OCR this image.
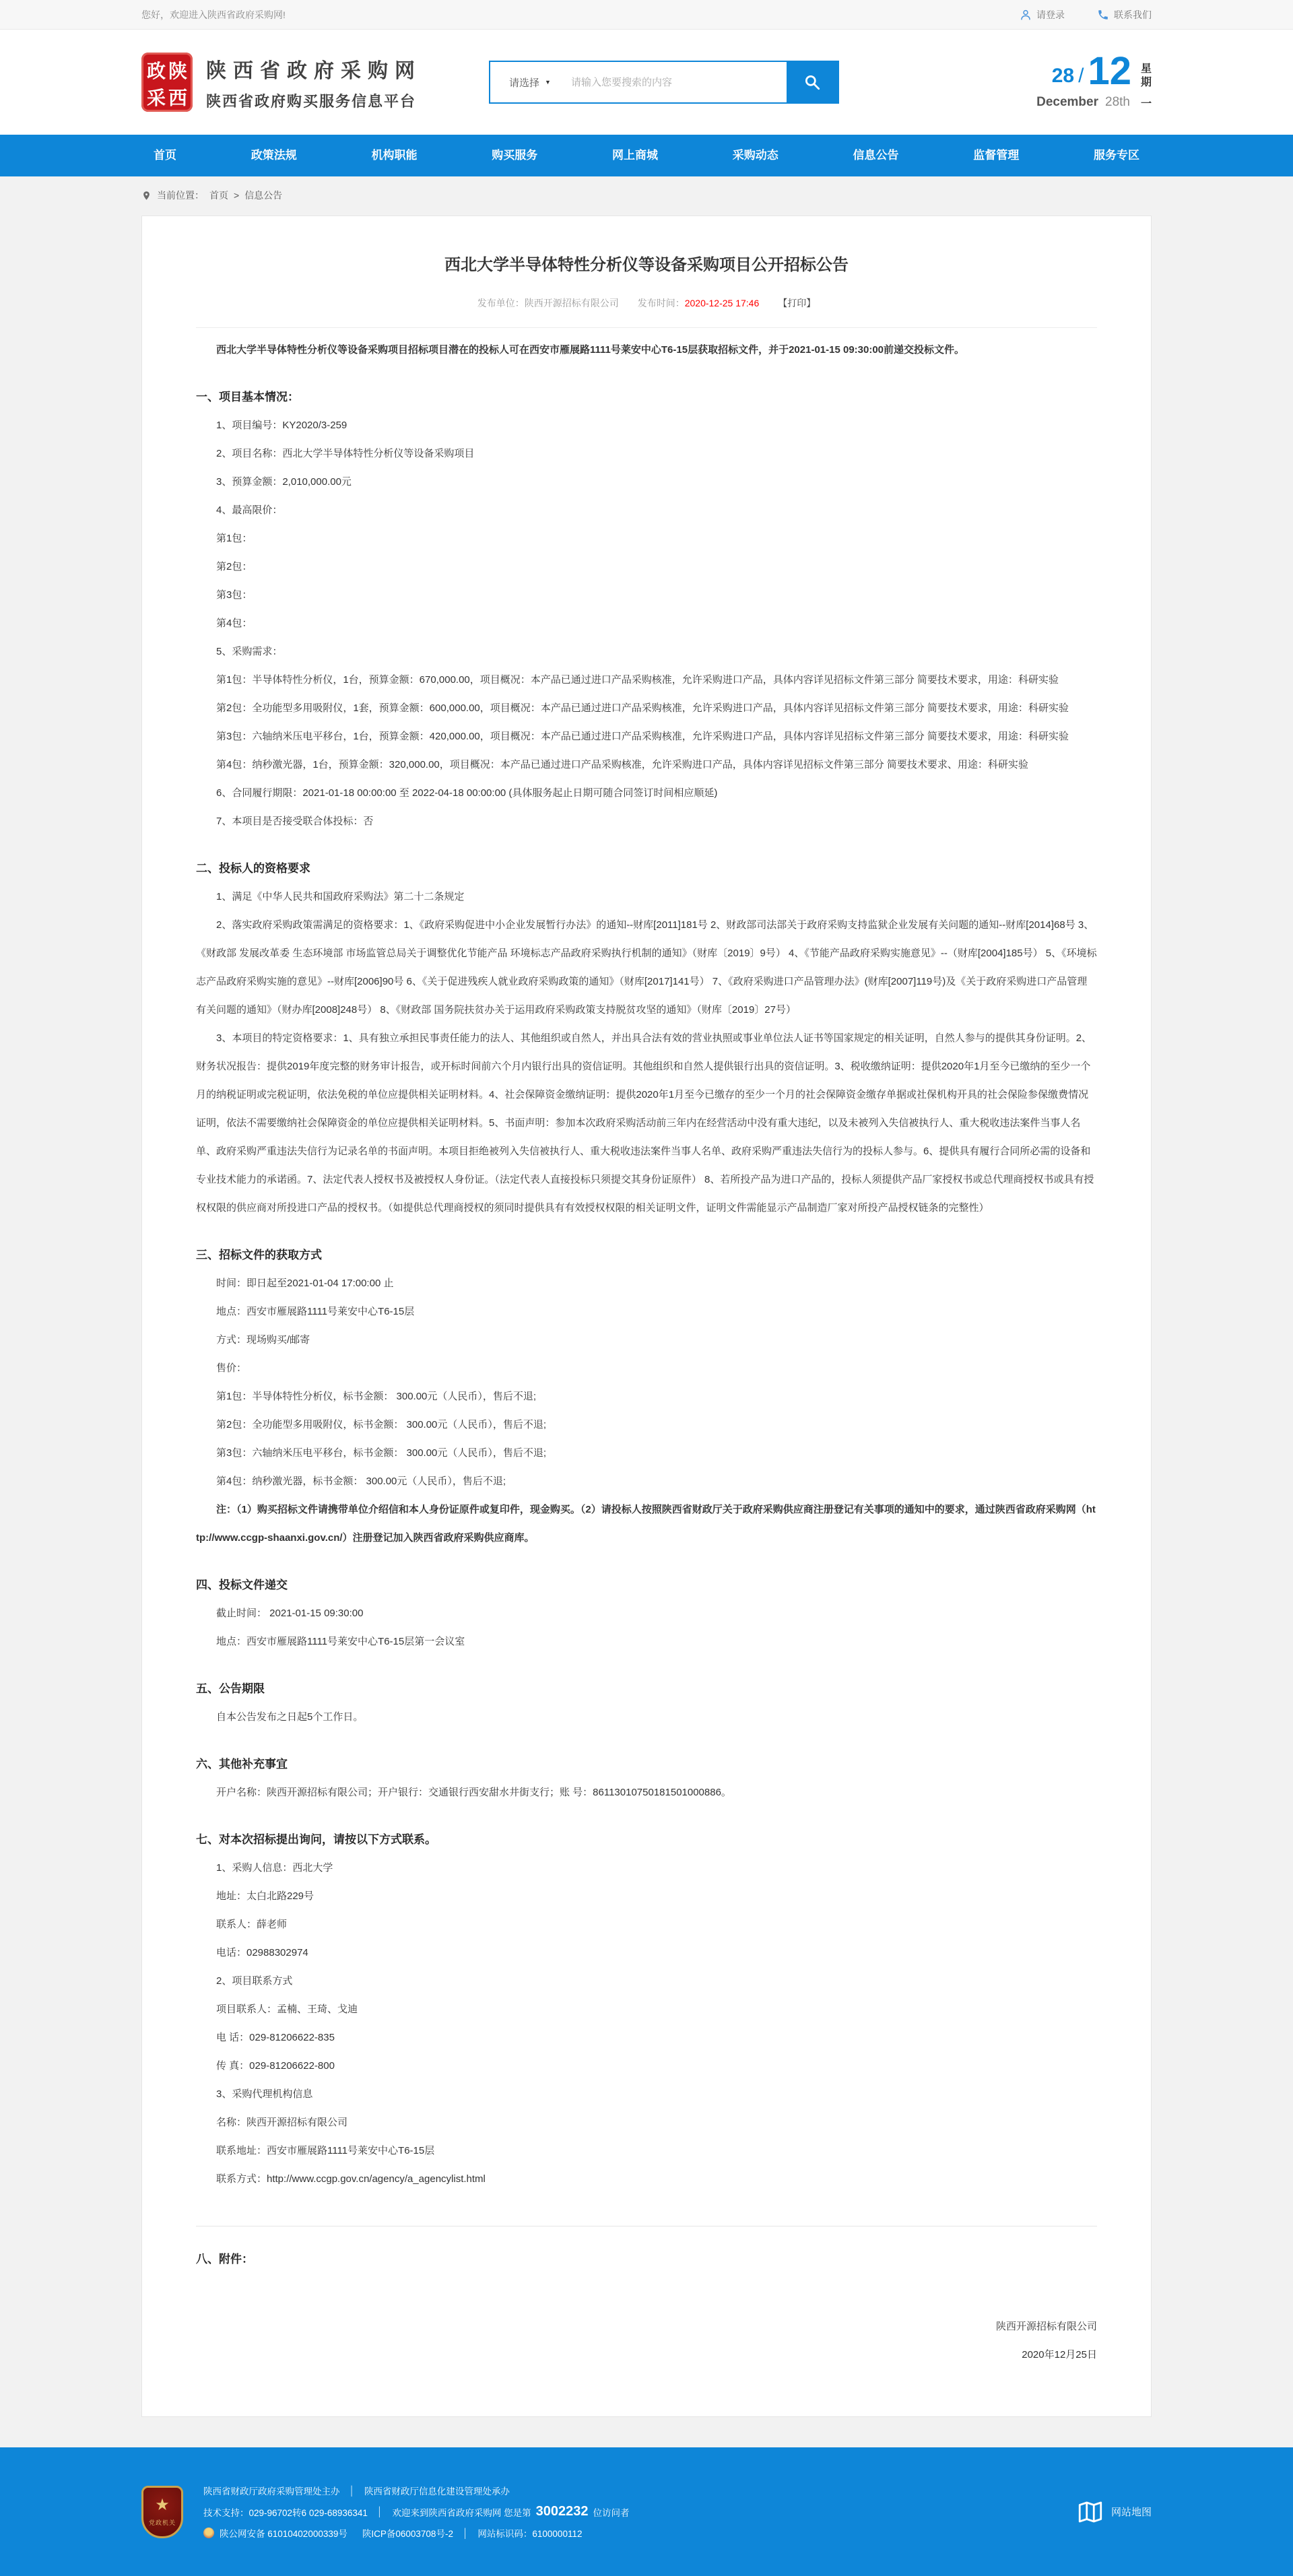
您好，欢迎进入陕西省政府采购网!	请登录	联系我们
政 陕
采 西
陕西省政府采购网
陕西省政府购买服务信息平台
请选择 ▼
请输入您要搜索的内容	28 / 12 星
期
December 28th 一
首页	政策法规	机构职能	购买服务	网上商城	采购动态	信息公告	监督管理	服务专区
当前位置： 首页 > 信息公告
西北大学半导体特性分析仪等设备采购项目公开招标公告
发布单位：陕西开源招标有限公司 发布时间：2020-12-25 17:46 【打印】

西北大学半导体特性分析仪等设备采购项目招标项目潜在的投标人可在西安市雁展路1111号莱安中心T6-15层获取招标文件，并于2021-01-15 09:30:00前递交投标文件。

一、项目基本情况：

1、项目编号：KY2020/3-259

2、项目名称：西北大学半导体特性分析仪等设备采购项目

3、预算金额：2,010,000.00元

4、最高限价：

第1包：

第2包：

第3包：

第4包：

5、采购需求：

第1包：半导体特性分析仪，1台，预算金额：670,000.00，项目概况：本产品已通过进口产品采购核准，允许采购进口产品，具体内容详见招标文件第三部分 简要技术要求，用途：科研实验

第2包：全功能型多用吸附仪，1套，预算金额：600,000.00，项目概况：本产品已通过进口产品采购核准，允许采购进口产品，具体内容详见招标文件第三部分 简要技术要求，用途：科研实验

第3包：六轴纳米压电平移台，1台，预算金额：420,000.00，项目概况：本产品已通过进口产品采购核准，允许采购进口产品，具体内容详见招标文件第三部分 简要技术要求，用途：科研实验

第4包：纳秒激光器，1台，预算金额：320,000.00，项目概况：本产品已通过进口产品采购核准，允许采购进口产品，具体内容详见招标文件第三部分 简要技术要求、用途：科研实验

6、合同履行期限：2021-01-18 00:00:00 至 2022-04-18 00:00:00 (具体服务起止日期可随合同签订时间相应顺延)

7、本项目是否接受联合体投标：否

二、投标人的资格要求

1、满足《中华人民共和国政府采购法》第二十二条规定

2、落实政府采购政策需满足的资格要求：1、《政府采购促进中小企业发展暂行办法》的通知--财库[2011]181号 2、财政部司法部关于政府采购支持监狱企业发展有关问题的通知--财库[2014]68号 3、《财政部 发展改革委 生态环境部 市场监管总局关于调整优化节能产品 环境标志产品政府采购执行机制的通知》（财库〔2019〕9号） 4、《节能产品政府采购实施意见》--（财库[2004]185号） 5、《环境标志产品政府采购实施的意见》--财库[2006]90号 6、《关于促进残疾人就业政府采购政策的通知》（财库[2017]141号） 7、《政府采购进口产品管理办法》(财库[2007]119号)及《关于政府采购进口产品管理有关问题的通知》（财办库[2008]248号） 8、《财政部 国务院扶贫办关于运用政府采购政策支持脱贫攻坚的通知》（财库〔2019〕27号）

3、本项目的特定资格要求：1、具有独立承担民事责任能力的法人、其他组织或自然人，并出具合法有效的营业执照或事业单位法人证书等国家规定的相关证明，自然人参与的提供其身份证明。2、财务状况报告：提供2019年度完整的财务审计报告，或开标时间前六个月内银行出具的资信证明。其他组织和自然人提供银行出具的资信证明。3、税收缴纳证明：提供2020年1月至今已缴纳的至少一个月的纳税证明或完税证明，依法免税的单位应提供相关证明材料。4、社会保障资金缴纳证明：提供2020年1月至今已缴存的至少一个月的社会保障资金缴存单据或社保机构开具的社会保险参保缴费情况证明，依法不需要缴纳社会保障资金的单位应提供相关证明材料。5、书面声明：参加本次政府采购活动前三年内在经营活动中没有重大违纪，以及未被列入失信被执行人、重大税收违法案件当事人名单、政府采购严重违法失信行为记录名单的书面声明。本项目拒绝被列入失信被执行人、重大税收违法案件当事人名单、政府采购严重违法失信行为的投标人参与。6、提供具有履行合同所必需的设备和专业技术能力的承诺函。7、法定代表人授权书及被授权人身份证。（法定代表人直接投标只须提交其身份证原件） 8、若所投产品为进口产品的，投标人须提供产品厂家授权书或总代理商授权书或具有授权权限的供应商对所投进口产品的授权书。（如提供总代理商授权的须同时提供具有有效授权权限的相关证明文件，证明文件需能显示产品制造厂家对所投产品授权链条的完整性）

三、招标文件的获取方式

时间：即日起至2021-01-04 17:00:00 止

地点：西安市雁展路1111号莱安中心T6-15层

方式：现场购买/邮寄

售价：

第1包：半导体特性分析仪，标书金额： 300.00元（人民币），售后不退;

第2包：全功能型多用吸附仪，标书金额： 300.00元（人民币），售后不退;

第3包：六轴纳米压电平移台，标书金额： 300.00元（人民币），售后不退;

第4包：纳秒激光器，标书金额： 300.00元（人民币），售后不退;

注：（1）购买招标文件请携带单位介绍信和本人身份证原件或复印件，现金购买。（2）请投标人按照陕西省财政厅关于政府采购供应商注册登记有关事项的通知中的要求，通过陕西省政府采购网（http://www.ccgp-shaanxi.gov.cn/）注册登记加入陕西省政府采购供应商库。

四、投标文件递交

截止时间： 2021-01-15 09:30:00

地点：西安市雁展路1111号莱安中心T6-15层第一会议室

五、公告期限

自本公告发布之日起5个工作日。

六、其他补充事宜

开户名称：陕西开源招标有限公司；开户银行：交通银行西安甜水井街支行；账 号：86113010750181501000886。

七、对本次招标提出询问，请按以下方式联系。

1、采购人信息：西北大学

地址：太白北路229号

联系人：薛老师

电话：02988302974

2、项目联系方式

项目联系人：孟楠、王琦、戈迪

电 话：029-81206622-835

传 真：029-81206622-800

3、采购代理机构信息

名称：陕西开源招标有限公司

联系地址：西安市雁展路1111号莱安中心T6-15层

联系方式：http://www.ccgp.gov.cn/agency/a_agencylist.html

八、附件：

陕西开源招标有限公司

2020年12月25日

★
党政机关
陕西省财政厅政府采购管理处主办	│	陕西省财政厅信息化建设管理处承办
技术支持：029-96702转6 029-68936341	│	欢迎来到陕西省政府采购网 您是第 3002232 位访问者
陕公网安备 61010402000339号 陕ICP备06003708号-2	│	网站标识码：6100000112
网站地图
